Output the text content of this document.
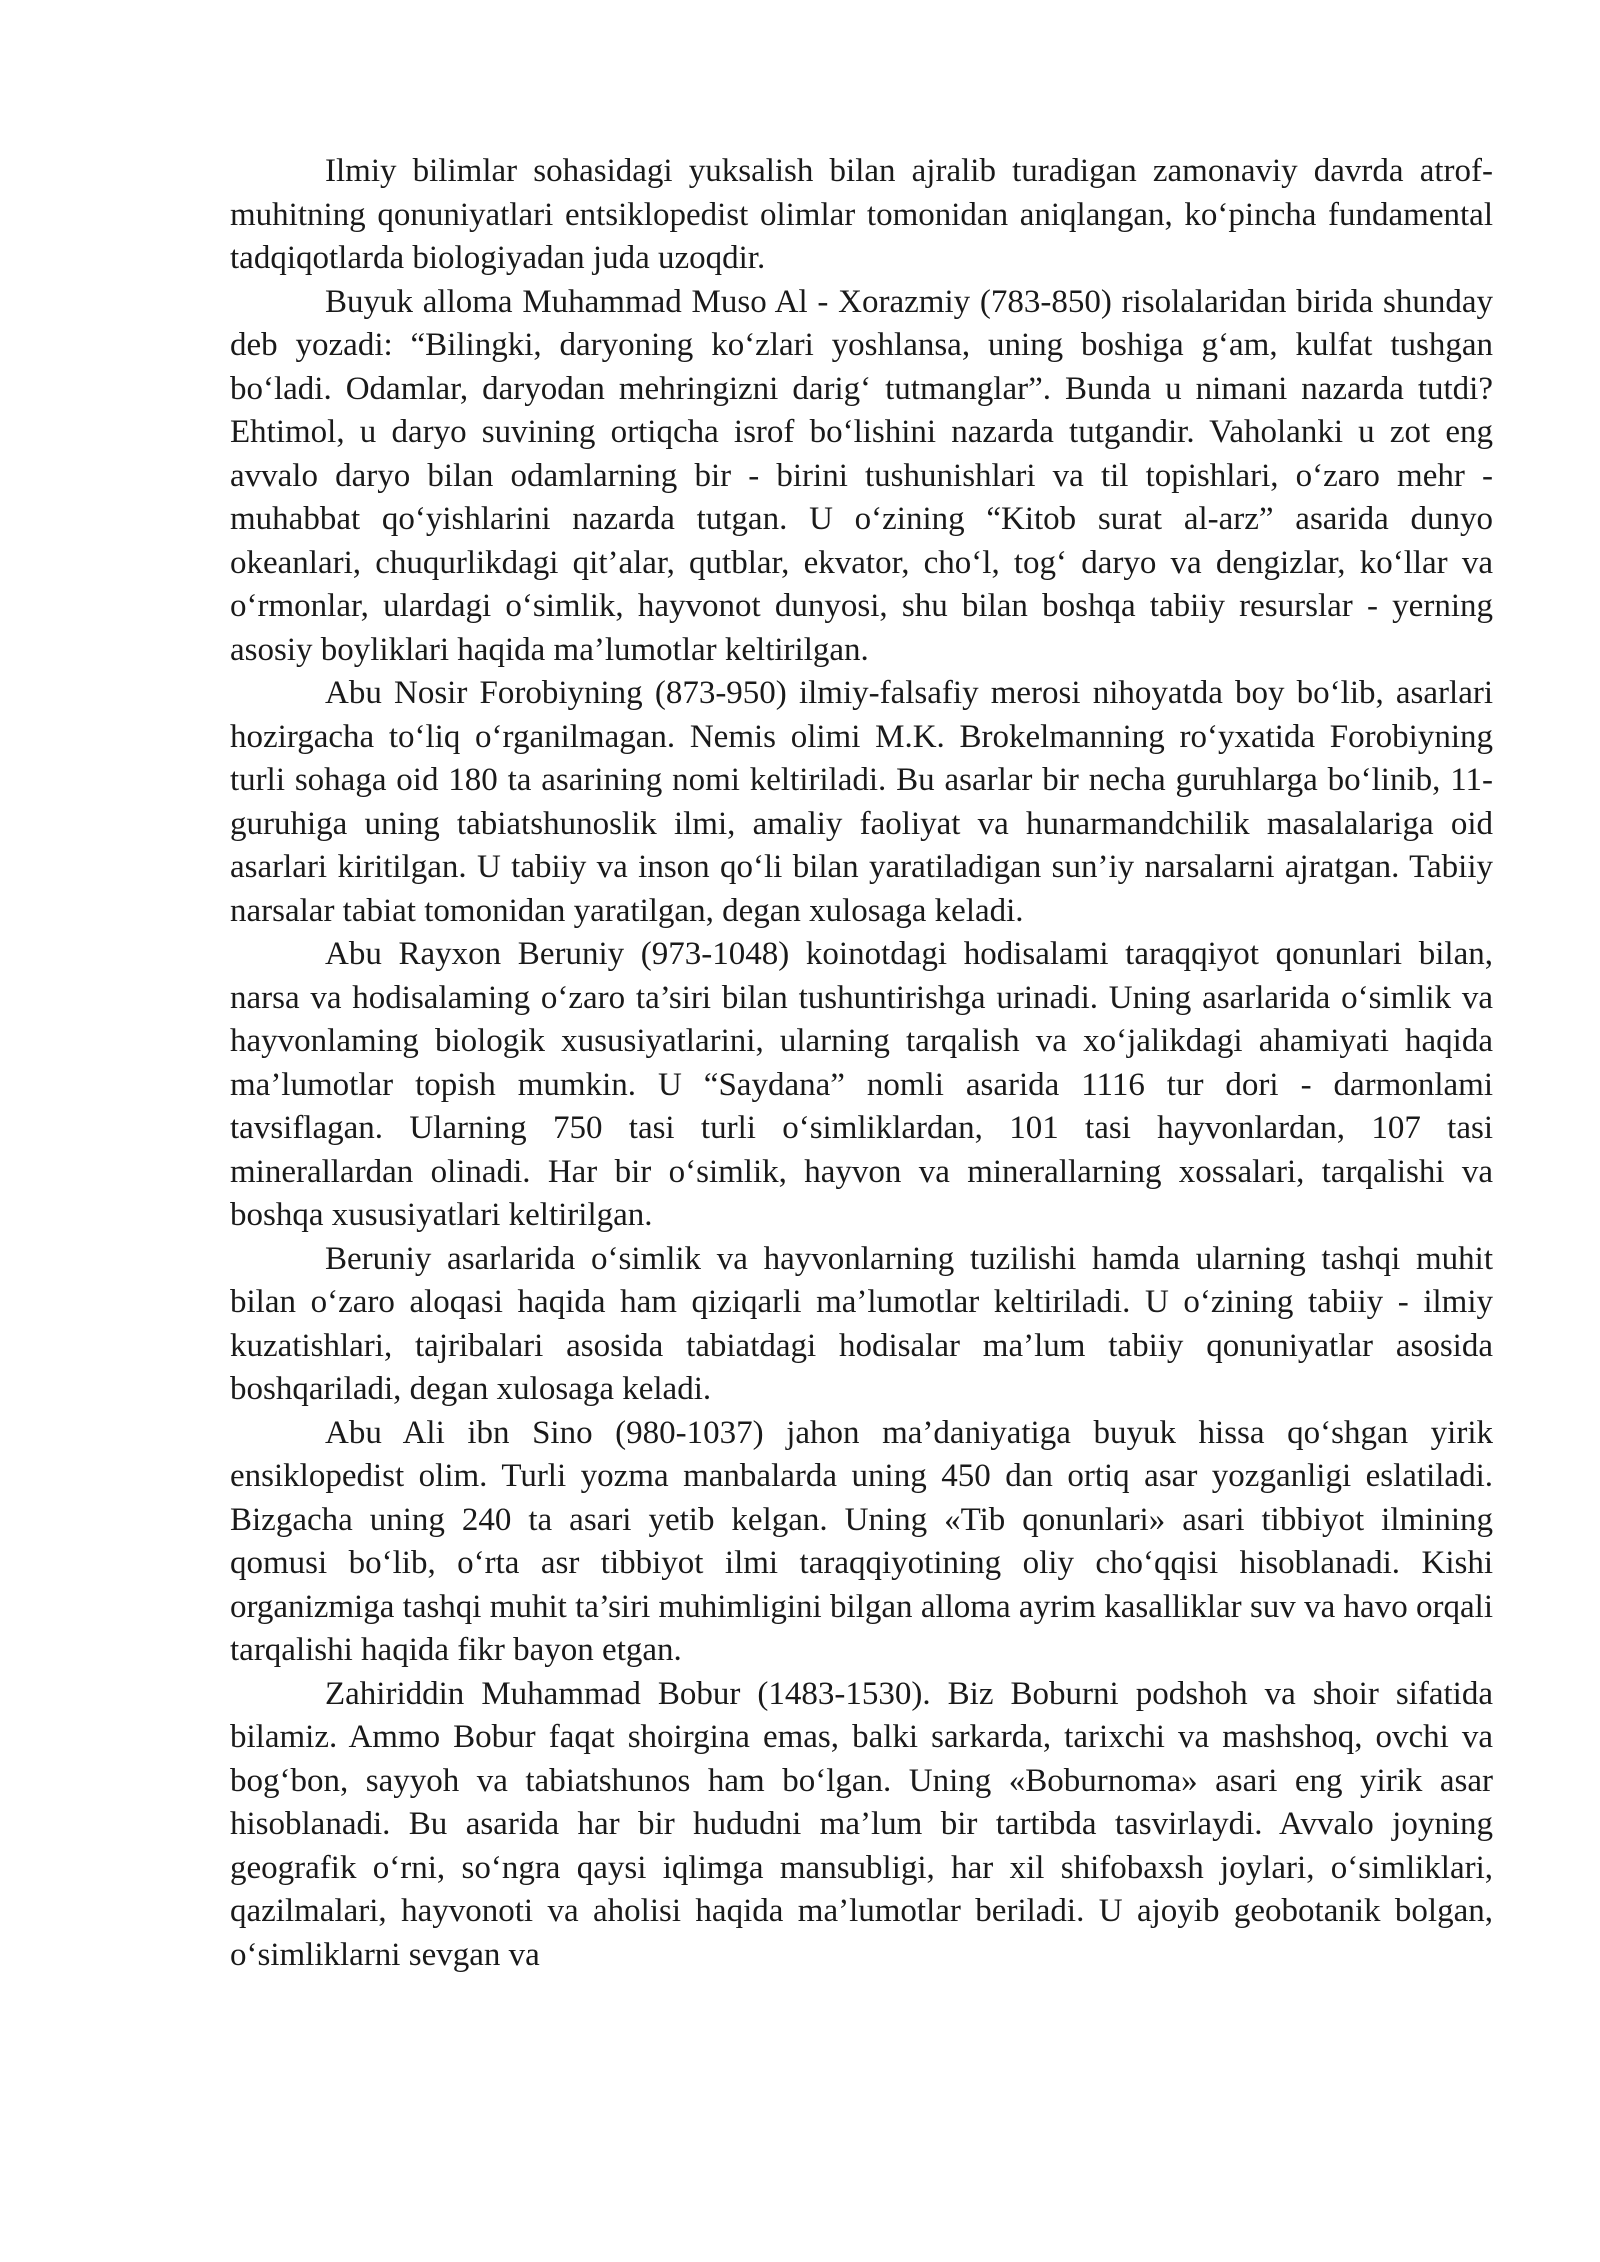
Ilmiy bilimlar sohasidagi yuksalish bilan ajralib turadigan zamonaviy davrda atrof-muhitning qonuniyatlari entsiklopedist olimlar tomonidan aniqlangan, ko‘pincha fundamental tadqiqotlarda biologiyadan juda uzoqdir.

Buyuk alloma Muhammad Muso Al - Xorazmiy (783-850) risolalaridan birida shunday deb yozadi: “Bilingki, daryoning ko‘zlari yoshlansa, uning boshiga g‘am, kulfat tushgan bo‘ladi. Odamlar, daryodan mehringizni darig‘ tutmanglar”. Bunda u nimani nazarda tutdi? Ehtimol, u daryo suvining ortiqcha isrof bo‘lishini nazarda tutgandir. Vaholanki u zot eng avvalo daryo bilan odamlarning bir - birini tushunishlari va til topishlari, o‘zaro mehr - muhabbat qo‘yishlarini nazarda tutgan. U o‘zining “Kitob surat al-arz” asarida dunyo okeanlari, chuqurlikdagi qit’alar, qutblar, ekvator, cho‘l, tog‘ daryo va dengizlar, ko‘llar va o‘rmonlar, ulardagi o‘simlik, hayvonot dunyosi, shu bilan boshqa tabiiy resurslar - yerning asosiy boyliklari haqida ma’lumotlar keltirilgan.

Abu Nosir Forobiyning (873-950) ilmiy-falsafiy merosi nihoyatda boy bo‘lib, asarlari hozirgacha to‘liq o‘rganilmagan. Nemis olimi M.K. Brokelmanning ro‘yxatida Forobiyning turli sohaga oid 180 ta asarining nomi keltiriladi. Bu asarlar bir necha guruhlarga bo‘linib, 11-guruhiga uning tabiatshunoslik ilmi, amaliy faoliyat va hunarmandchilik masalalariga oid asarlari kiritilgan. U tabiiy va inson qo‘li bilan yaratiladigan sun’iy narsalarni ajratgan. Tabiiy narsalar tabiat tomonidan yaratilgan, degan xulosaga keladi.

Abu Rayxon Beruniy (973-1048) koinotdagi hodisalami taraqqiyot qonunlari bilan, narsa va hodisalaming o‘zaro ta’siri bilan tushuntirishga urinadi. Uning asarlarida o‘simlik va hayvonlaming biologik xususiyatlarini, ularning tarqalish va xo‘jalikdagi ahamiyati haqida ma’lumotlar topish mumkin. U “Saydana” nomli asarida 1116 tur dori - darmonlami tavsiflagan. Ularning 750 tasi turli o‘simliklardan, 101 tasi hayvonlardan, 107 tasi minerallardan olinadi. Har bir o‘simlik, hayvon va minerallarning xossalari, tarqalishi va boshqa xususiyatlari keltirilgan.

Beruniy asarlarida o‘simlik va hayvonlarning tuzilishi hamda ularning tashqi muhit bilan o‘zaro aloqasi haqida ham qiziqarli ma’lumotlar keltiriladi. U o‘zining tabiiy - ilmiy kuzatishlari, tajribalari asosida tabiatdagi hodisalar ma’lum tabiiy qonuniyatlar asosida boshqariladi, degan xulosaga keladi.

Abu Ali ibn Sino (980-1037) jahon ma’daniyatiga buyuk hissa qo‘shgan yirik ensiklopedist olim. Turli yozma manbalarda uning 450 dan ortiq asar yozganligi eslatiladi. Bizgacha uning 240 ta asari yetib kelgan. Uning «Tib qonunlari» asari tibbiyot ilmining qomusi bo‘lib, o‘rta asr tibbiyot ilmi taraqqiyotining oliy cho‘qqisi hisoblanadi. Kishi organizmiga tashqi muhit ta’siri muhimligini bilgan alloma ayrim kasalliklar suv va havo orqali tarqalishi haqida fikr bayon etgan.

Zahiriddin Muhammad Bobur (1483-1530). Biz Boburni podshoh va shoir sifatida bilamiz. Ammo Bobur faqat shoirgina emas, balki sarkarda, tarixchi va mashshoq, ovchi va bog‘bon, sayyoh va tabiatshunos ham bo‘lgan. Uning «Boburnoma» asari eng yirik asar hisoblanadi. Bu asarida har bir hududni ma’lum bir tartibda tasvirlaydi. Avvalo joyning geografik o‘rni, so‘ngra qaysi iqlimga mansubligi, har xil shifobaxsh joylari, o‘simliklari, qazilmalari, hayvonoti va aholisi haqida ma’lumotlar beriladi. U ajoyib geobotanik bolgan, o‘simliklarni sevgan va
